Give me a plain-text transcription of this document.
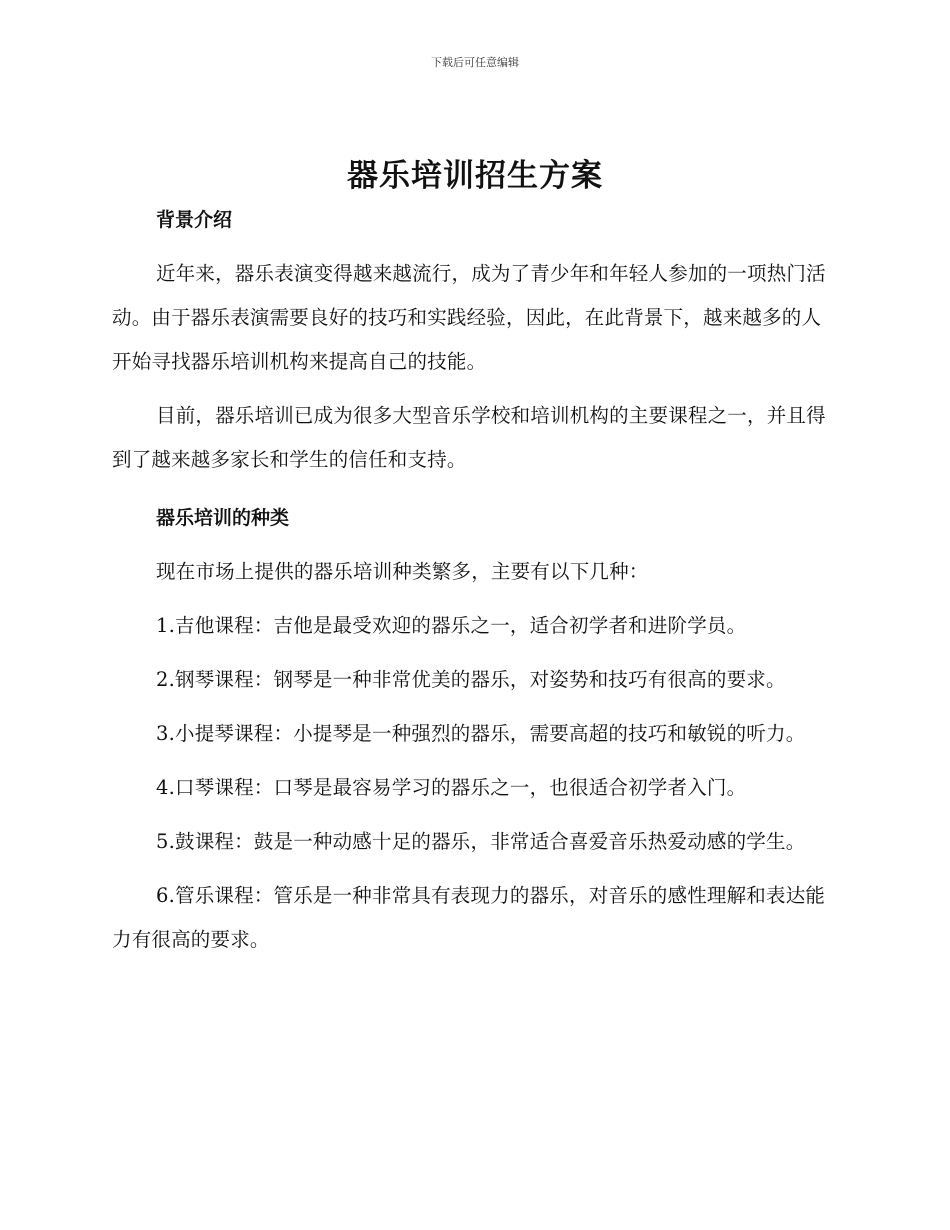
下载后可任意编辑
器乐培训招生方案
背景介绍

近年来，器乐表演变得越来越流行，成为了青少年和年轻人参加的一项热门活动。由于器乐表演需要良好的技巧和实践经验，因此，在此背景下，越来越多的人开始寻找器乐培训机构来提高自己的技能。

目前，器乐培训已成为很多大型音乐学校和培训机构的主要课程之一，并且得到了越来越多家长和学生的信任和支持。

器乐培训的种类

现在市场上提供的器乐培训种类繁多，主要有以下几种：

1.吉他课程：吉他是最受欢迎的器乐之一，适合初学者和进阶学员。

2.钢琴课程：钢琴是一种非常优美的器乐，对姿势和技巧有很高的要求。

3.小提琴课程：小提琴是一种强烈的器乐，需要高超的技巧和敏锐的听力。

4.口琴课程：口琴是最容易学习的器乐之一，也很适合初学者入门。

5.鼓课程：鼓是一种动感十足的器乐，非常适合喜爱音乐热爱动感的学生。

6.管乐课程：管乐是一种非常具有表现力的器乐，对音乐的感性理解和表达能力有很高的要求。
